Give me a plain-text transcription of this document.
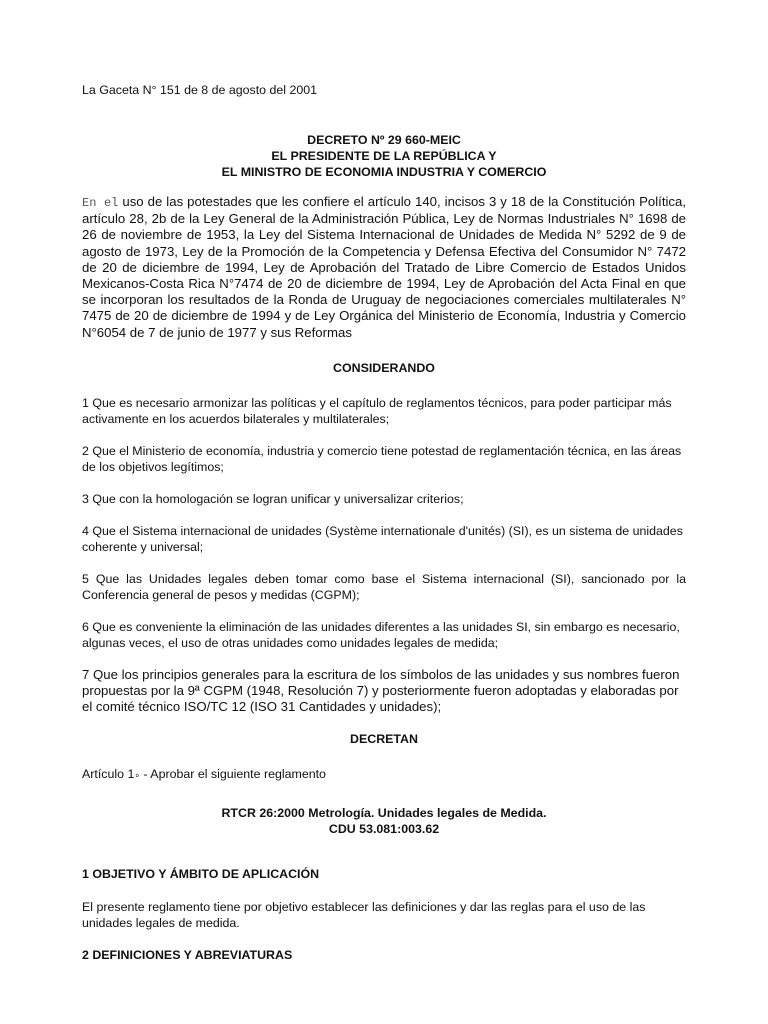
La Gaceta N° 151 de 8 de agosto del 2001

DECRETO Nº 29 660-MEIC
EL PRESIDENTE DE LA REPÚBLICA Y
EL MINISTRO DE ECONOMIA INDUSTRIA Y COMERCIO

En el uso de las potestades que les confiere el artículo 140, incisos 3 y 18 de la Constitución Política, artículo 28, 2b de la Ley General de la Administración Pública, Ley de Normas Industriales N° 1698 de 26 de noviembre de 1953, la Ley del Sistema Internacional de Unidades de Medida N° 5292 de 9 de agosto de 1973, Ley de la Promoción de la Competencia y Defensa Efectiva del Consumidor N° 7472 de 20 de diciembre de 1994, Ley de Aprobación del Tratado de Libre Comercio de Estados Unidos Mexicanos-Costa Rica N°7474 de 20 de diciembre de 1994, Ley de Aprobación del Acta Final en que se incorporan los resultados de la Ronda de Uruguay de negociaciones comerciales multilaterales N° 7475 de 20 de diciembre de 1994 y de Ley Orgánica del Ministerio de Economía, Industria y Comercio N°6054 de 7 de junio de 1977 y sus Reformas

CONSIDERANDO

1 Que es necesario armonizar las políticas y el capítulo de reglamentos técnicos, para poder participar más activamente en los acuerdos bilaterales y multilaterales;

2 Que el Ministerio de economía, industria y comercio tiene potestad de reglamentación técnica, en las áreas de los objetivos legítimos;

3 Que con la homologación se logran unificar y universalizar criterios;

4 Que el Sistema internacional de unidades (Système internationale d'unités) (SI), es un sistema de unidades coherente y universal;

5 Que las Unidades legales deben tomar como base el Sistema internacional (SI), sancionado por la Conferencia general de pesos y medidas (CGPM);

6 Que es conveniente la eliminación de las unidades diferentes a las unidades SI, sin embargo es necesario, algunas veces, el uso de otras unidades como unidades legales de medida;

7 Que los principios generales para la escritura de los símbolos de las unidades y sus nombres fueron propuestas por la 9ª CGPM (1948, Resolución 7) y posteriormente fueron adoptadas y elaboradas por el comité técnico ISO/TC 12 (ISO 31 Cantidades y unidades);

DECRETAN

Artículo 1∘ - Aprobar el siguiente reglamento

RTCR 26:2000 Metrología. Unidades legales de Medida.
CDU 53.081:003.62

1 OBJETIVO Y ÁMBITO DE APLICACIÓN

El presente reglamento tiene por objetivo establecer las definiciones y dar las reglas para el uso de las unidades legales de medida.

2 DEFINICIONES Y ABREVIATURAS
